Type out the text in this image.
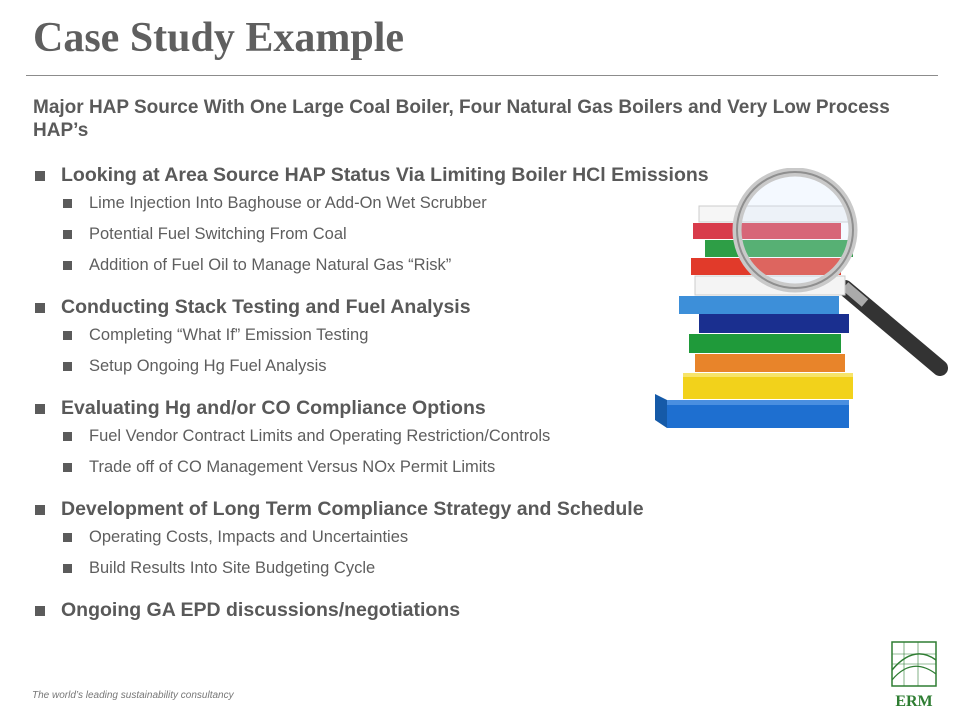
Case Study Example
Major HAP Source With One Large Coal Boiler, Four Natural Gas Boilers and Very Low Process HAP’s
Looking at Area Source HAP Status Via Limiting Boiler HCl Emissions
Lime Injection Into Baghouse or Add-On Wet Scrubber
Potential Fuel Switching From Coal
Addition of Fuel Oil to Manage Natural Gas “Risk”
Conducting Stack Testing and Fuel Analysis
Completing “What If” Emission Testing
Setup Ongoing Hg Fuel Analysis
Evaluating Hg and/or CO Compliance Options
Fuel Vendor Contract Limits and Operating Restriction/Controls
Trade off of CO Management Versus NOx Permit Limits
Development of Long Term Compliance Strategy and Schedule
Operating Costs, Impacts and Uncertainties
Build Results Into Site Budgeting Cycle
Ongoing GA EPD discussions/negotiations
The world’s leading sustainability consultancy	ERM
